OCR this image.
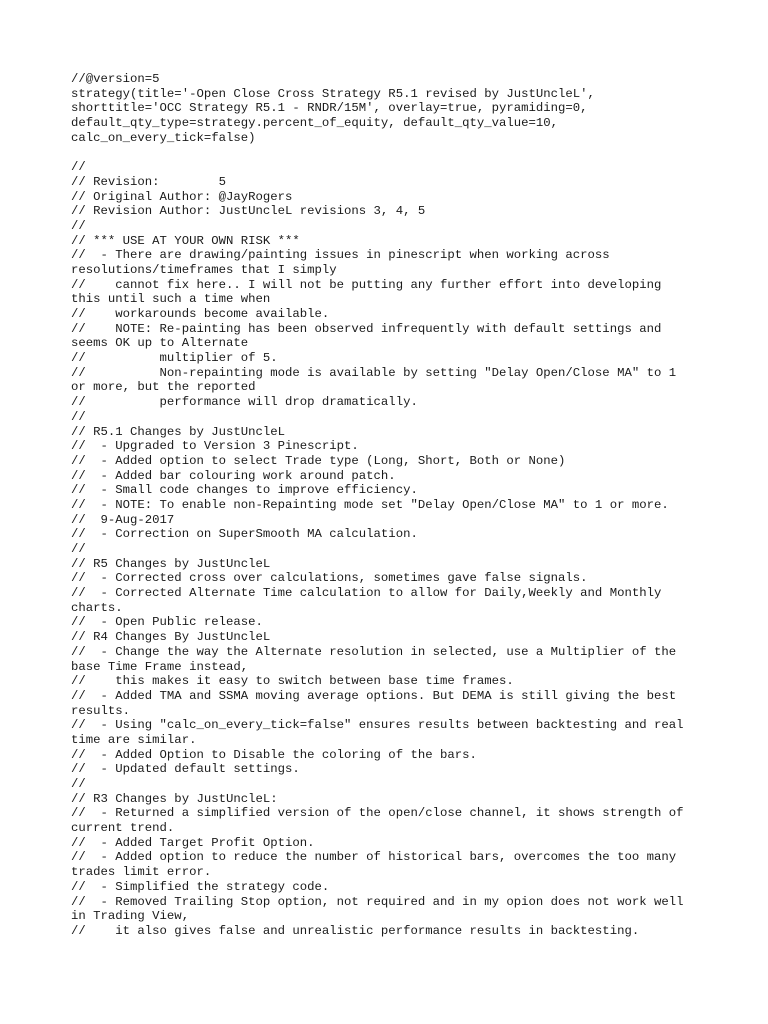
//@version=5
strategy(title='-Open Close Cross Strategy R5.1 revised by JustUncleL',
shorttitle='OCC Strategy R5.1 - RNDR/15M', overlay=true, pyramiding=0,
default_qty_type=strategy.percent_of_equity, default_qty_value=10,
calc_on_every_tick=false)
//
// Revision:        5
// Original Author: @JayRogers
// Revision Author: JustUncleL revisions 3, 4, 5
//
// *** USE AT YOUR OWN RISK ***
//  - There are drawing/painting issues in pinescript when working across
resolutions/timeframes that I simply
//    cannot fix here.. I will not be putting any further effort into developing
this until such a time when
//    workarounds become available.
//    NOTE: Re-painting has been observed infrequently with default settings and
seems OK up to Alternate
//          multiplier of 5.
//          Non-repainting mode is available by setting "Delay Open/Close MA" to 1
or more, but the reported
//          performance will drop dramatically.
//
// R5.1 Changes by JustUncleL
//  - Upgraded to Version 3 Pinescript.
//  - Added option to select Trade type (Long, Short, Both or None)
//  - Added bar colouring work around patch.
//  - Small code changes to improve efficiency.
//  - NOTE: To enable non-Repainting mode set "Delay Open/Close MA" to 1 or more.
//  9-Aug-2017
//  - Correction on SuperSmooth MA calculation.
//
// R5 Changes by JustUncleL
//  - Corrected cross over calculations, sometimes gave false signals.
//  - Corrected Alternate Time calculation to allow for Daily,Weekly and Monthly
charts.
//  - Open Public release.
// R4 Changes By JustUncleL
//  - Change the way the Alternate resolution in selected, use a Multiplier of the
base Time Frame instead,
//    this makes it easy to switch between base time frames.
//  - Added TMA and SSMA moving average options. But DEMA is still giving the best
results.
//  - Using "calc_on_every_tick=false" ensures results between backtesting and real
time are similar.
//  - Added Option to Disable the coloring of the bars.
//  - Updated default settings.
//
// R3 Changes by JustUncleL:
//  - Returned a simplified version of the open/close channel, it shows strength of
current trend.
//  - Added Target Profit Option.
//  - Added option to reduce the number of historical bars, overcomes the too many
trades limit error.
//  - Simplified the strategy code.
//  - Removed Trailing Stop option, not required and in my opion does not work well
in Trading View,
//    it also gives false and unrealistic performance results in backtesting.
